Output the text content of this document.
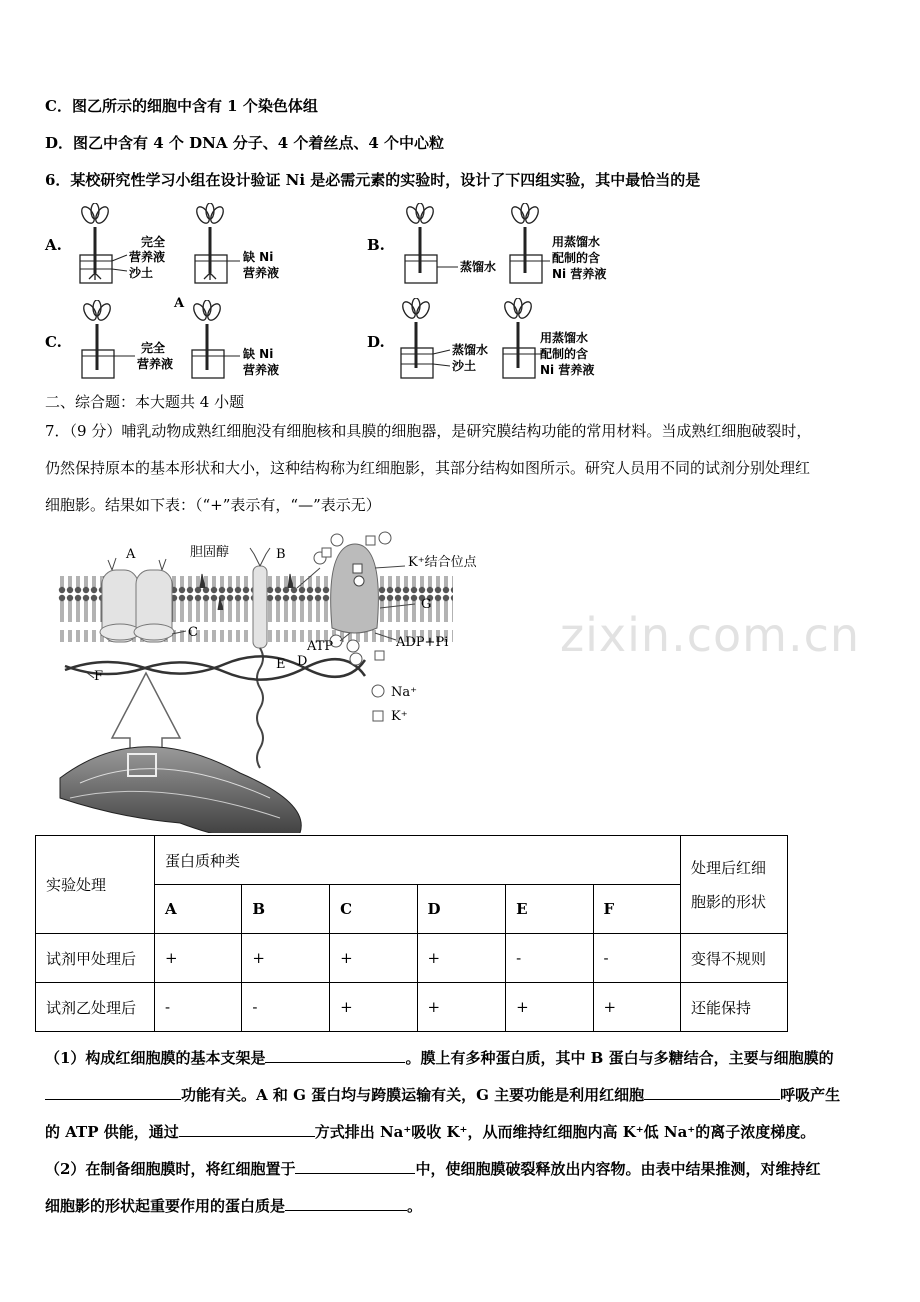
C．图乙所示的细胞中含有 1 个染色体组
D．图乙中含有 4 个 DNA 分子、4 个着丝点、4 个中心粒
6．某校研究性学习小组在设计验证 Ni 是必需元素的实验时，设计了下四组实验，其中最恰当的是
A.	B.
C.	D.
A
完全
营养液
沙土
缺 Ni
营养液	蒸馏水
用蒸馏水
配制的含
Ni 营养液
完全
营养液
缺 Ni
营养液
蒸馏水
沙土
用蒸馏水
配制的含
Ni 营养液
二、综合题：本大题共 4 小题
7．（9 分）哺乳动物成熟红细胞没有细胞核和具膜的细胞器，是研究膜结构功能的常用材料。当成熟红细胞破裂时，
仍然保持原本的基本形状和大小，这种结构称为红细胞影，其部分结构如图所示。研究人员用不同的试剂分别处理红
细胞影。结果如下表：（“+”表示有，“—”表示无）
zixin.com.cn
A	胆固醇	B
K⁺结合位点
G
C
ATP	ADP+Pi
D
E
F
Na⁺
K⁺
实验处理	蛋白质种类						处理后红细
胞影的形状
	A	B	C	D	E	F	
试剂甲处理后	+	+	+	+	-	-	变得不规则
试剂乙处理后	-	-	+	+	+	+	还能保持
（1）构成红细胞膜的基本支架是	。膜上有多种蛋白质，其中 B 蛋白与多糖结合，主要与细胞膜的
功能有关。A 和 G 蛋白均与跨膜运输有关，G 主要功能是利用红细胞	呼吸产生
的 ATP 供能，通过	方式排出 Na⁺吸收 K⁺，从而维持红细胞内高 K⁺低 Na⁺的离子浓度梯度。
（2）在制备细胞膜时，将红细胞置于	中，使细胞膜破裂释放出内容物。由表中结果推测，对维持红
细胞影的形状起重要作用的蛋白质是	。
